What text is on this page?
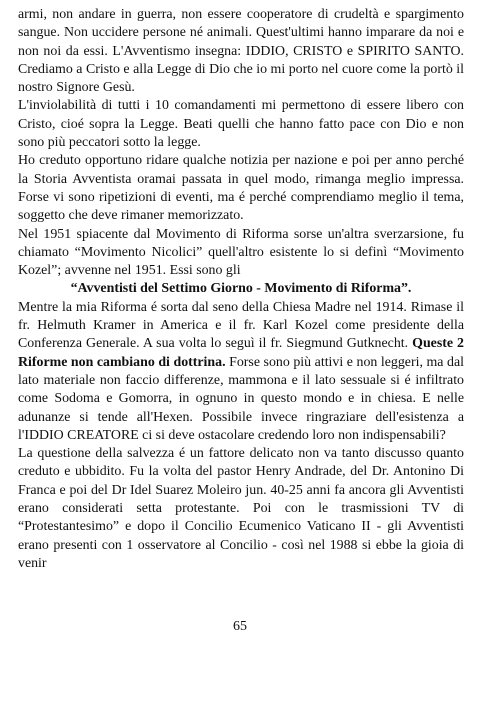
armi, non andare in guerra, non essere cooperatore di crudeltà e spargimento sangue. Non uccidere persone né animali. Quest'ultimi hanno imparare da noi e non noi da essi. L'Avventismo insegna: IDDIO, CRISTO e SPIRITO SANTO. Crediamo a Cristo e alla Legge di Dio che io mi porto nel cuore come la portò il nostro Signore Gesù.

L'inviolabilità di tutti i 10 comandamenti mi permettono di essere libero con Cristo, cioé sopra la Legge. Beati quelli che hanno fatto pace con Dio e non sono più peccatori sotto la legge.

Ho creduto opportuno ridare qualche notizia per nazione e poi per anno perché la Storia Avventista oramai passata in quel modo, rimanga meglio impressa. Forse vi sono ripetizioni di eventi, ma é perché comprendiamo meglio il tema, soggetto che deve rimaner memorizzato.

Nel 1951 spiacente dal Movimento di Riforma sorse un'altra sverzarsione, fu chiamato “Movimento Nicolici” quell'altro esistente lo si definì “Movimento Kozel”; avvenne nel 1951. Essi sono gli

“Avventisti del Settimo Giorno - Movimento di Riforma”.

Mentre la mia Riforma é sorta dal seno della Chiesa Madre nel 1914. Rimase il fr. Helmuth Kramer in America e il fr. Karl Kozel come presidente della Conferenza Generale. A sua volta lo seguì il fr. Siegmund Gutknecht. Queste 2 Riforme non cambiano di dottrina. Forse sono più attivi e non leggeri, ma dal lato materiale non faccio differenze, mammona e il lato sessuale si é infiltrato come Sodoma e Gomorra, in ognuno in questo mondo e in chiesa. E nelle adunanze si tende all'Hexen. Possibile invece ringraziare dell'esistenza a l'IDDIO CREATORE ci si deve ostacolare credendo loro non indispensabili?

La questione della salvezza é un fattore delicato non va tanto discusso quanto creduto e ubbidito. Fu la volta del pastor Henry Andrade, del Dr. Antonino Di Franca e poi del Dr Idel Suarez Moleiro jun. 40-25 anni fa ancora gli Avventisti erano considerati setta protestante. Poi con le trasmissioni TV di “Protestantesimo” e dopo il Concilio Ecumenico Vaticano II - gli Avventisti erano presenti con 1 osservatore al Concilio - così nel 1988 si ebbe la gioia di venir

65
